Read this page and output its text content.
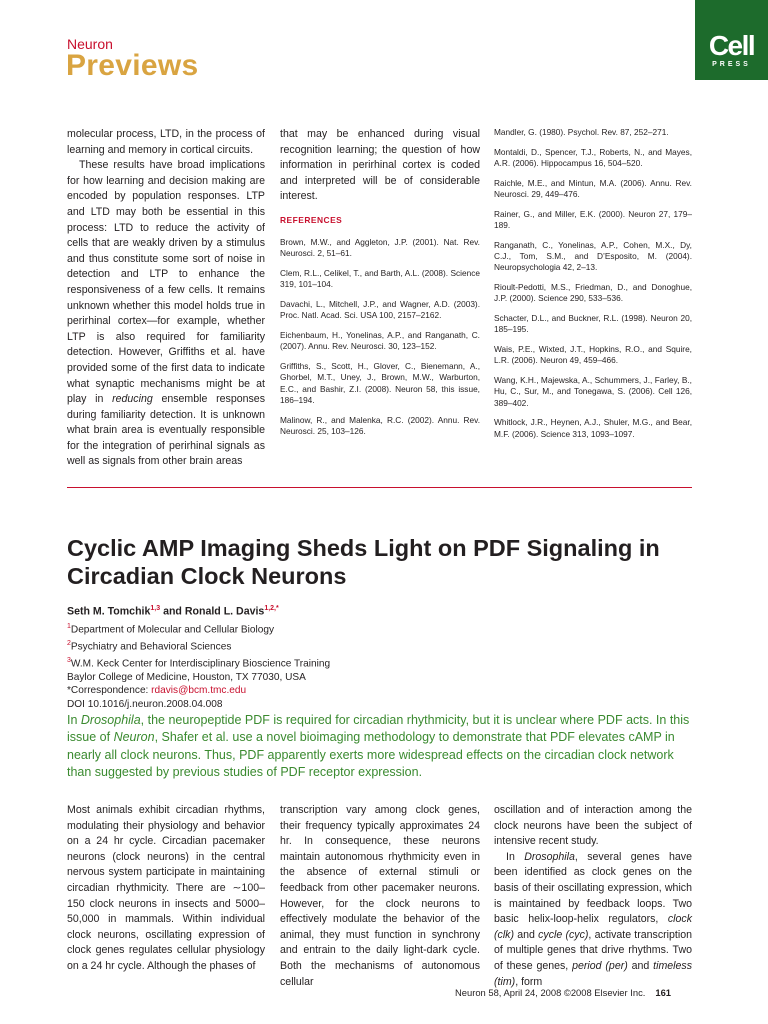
Neuron
Previews
Cell
PRESS

molecular process, LTD, in the process of learning and memory in cortical circuits.

These results have broad implications for how learning and decision making are encoded by population responses. LTP and LTD may both be essential in this process: LTD to reduce the activity of cells that are weakly driven by a stimulus and thus constitute some sort of noise in detection and LTP to enhance the responsiveness of a few cells. It remains unknown whether this model holds true in perirhinal cortex—for example, whether LTP is also required for familiarity detection. However, Griffiths et al. have provided some of the first data to indicate what synaptic mechanisms might be at play in reducing ensemble responses during familiarity detection. It is unknown what brain area is eventually responsible for the integration of perirhinal signals as well as signals from other brain areas

that may be enhanced during visual recognition learning; the question of how information in perirhinal cortex is coded and interpreted will be of considerable interest.

REFERENCES
Brown, M.W., and Aggleton, J.P. (2001). Nat. Rev. Neurosci. 2, 51–61.
Clem, R.L., Celikel, T., and Barth, A.L. (2008). Science 319, 101–104.
Davachi, L., Mitchell, J.P., and Wagner, A.D. (2003). Proc. Natl. Acad. Sci. USA 100, 2157–2162.
Eichenbaum, H., Yonelinas, A.P., and Ranganath, C. (2007). Annu. Rev. Neurosci. 30, 123–152.
Griffiths, S., Scott, H., Glover, C., Bienemann, A., Ghorbel, M.T., Uney, J., Brown, M.W., Warburton, E.C., and Bashir, Z.I. (2008). Neuron 58, this issue, 186–194.
Malinow, R., and Malenka, R.C. (2002). Annu. Rev. Neurosci. 25, 103–126.
Mandler, G. (1980). Psychol. Rev. 87, 252–271.
Montaldi, D., Spencer, T.J., Roberts, N., and Mayes, A.R. (2006). Hippocampus 16, 504–520.
Raichle, M.E., and Mintun, M.A. (2006). Annu. Rev. Neurosci. 29, 449–476.
Rainer, G., and Miller, E.K. (2000). Neuron 27, 179–189.
Ranganath, C., Yonelinas, A.P., Cohen, M.X., Dy, C.J., Tom, S.M., and D’Esposito, M. (2004). Neuropsychologia 42, 2–13.
Rioult-Pedotti, M.S., Friedman, D., and Donoghue, J.P. (2000). Science 290, 533–536.
Schacter, D.L., and Buckner, R.L. (1998). Neuron 20, 185–195.
Wais, P.E., Wixted, J.T., Hopkins, R.O., and Squire, L.R. (2006). Neuron 49, 459–466.
Wang, K.H., Majewska, A., Schummers, J., Farley, B., Hu, C., Sur, M., and Tonegawa, S. (2006). Cell 126, 389–402.
Whitlock, J.R., Heynen, A.J., Shuler, M.G., and Bear, M.F. (2006). Science 313, 1093–1097.
Cyclic AMP Imaging Sheds Light on PDF Signaling in Circadian Clock Neurons
Seth M. Tomchik$^{1,3}$ and Ronald L. Davis$^{1,2,*}$
$^1$Department of Molecular and Cellular Biology
$^2$Psychiatry and Behavioral Sciences
$^3$W.M. Keck Center for Interdisciplinary Bioscience Training
Baylor College of Medicine, Houston, TX 77030, USA
*Correspondence: rdavis@bcm.tmc.edu
DOI 10.1016/j.neuron.2008.04.008
In Drosophila, the neuropeptide PDF is required for circadian rhythmicity, but it is unclear where PDF acts. In this issue of Neuron, Shafer et al. use a novel bioimaging methodology to demonstrate that PDF elevates cAMP in nearly all clock neurons. Thus, PDF apparently exerts more widespread effects on the circadian clock network than suggested by previous studies of PDF receptor expression.

Most animals exhibit circadian rhythms, modulating their physiology and behavior on a 24 hr cycle. Circadian pacemaker neurons (clock neurons) in the central nervous system participate in maintaining circadian rhythmicity. There are ∼100–150 clock neurons in insects and 5000–50,000 in mammals. Within individual clock neurons, oscillating expression of clock genes regulates cellular physiology on a 24 hr cycle. Although the phases of

transcription vary among clock genes, their frequency typically approximates 24 hr. In consequence, these neurons maintain autonomous rhythmicity even in the absence of external stimuli or feedback from other pacemaker neurons. However, for the clock neurons to effectively modulate the behavior of the animal, they must function in synchrony and entrain to the daily light-dark cycle. Both the mechanisms of autonomous cellular

oscillation and of interaction among the clock neurons have been the subject of intensive recent study.

In Drosophila, several genes have been identified as clock genes on the basis of their oscillating expression, which is maintained by feedback loops. Two basic helix-loop-helix regulators, clock (clk) and cycle (cyc), activate transcription of multiple genes that drive rhythms. Two of these genes, period (per) and timeless (tim), form

Neuron 58, April 24, 2008 ©2008 Elsevier Inc. 161
